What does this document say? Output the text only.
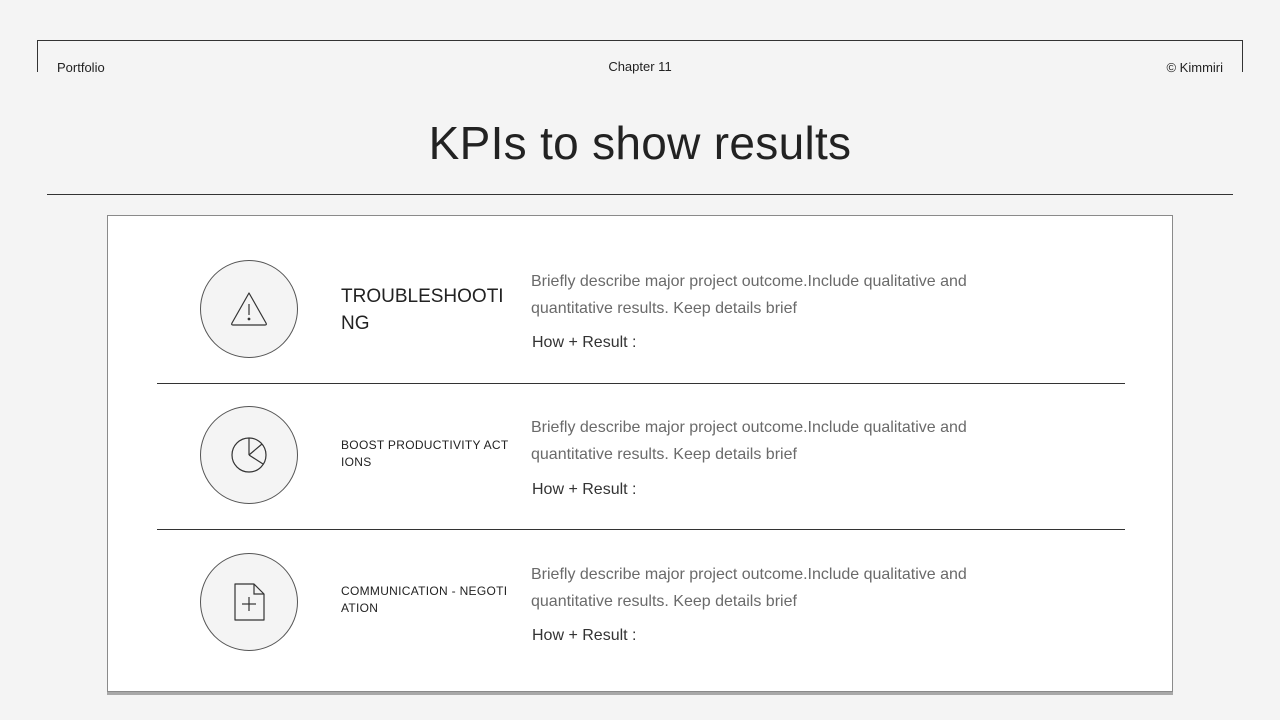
Portfolio	Chapter 11	© Kimmiri
KPIs to show results
TROUBLESHOOTING
Briefly describe major project outcome.Include qualitative and quantitative results. Keep details brief
How + Result :
BOOST PRODUCTIVITY ACTIONS
Briefly describe major project outcome.Include qualitative and quantitative results. Keep details brief
How + Result :
COMMUNICATION - NEGOTIATION
Briefly describe major project outcome.Include qualitative and quantitative results. Keep details brief
How + Result :
